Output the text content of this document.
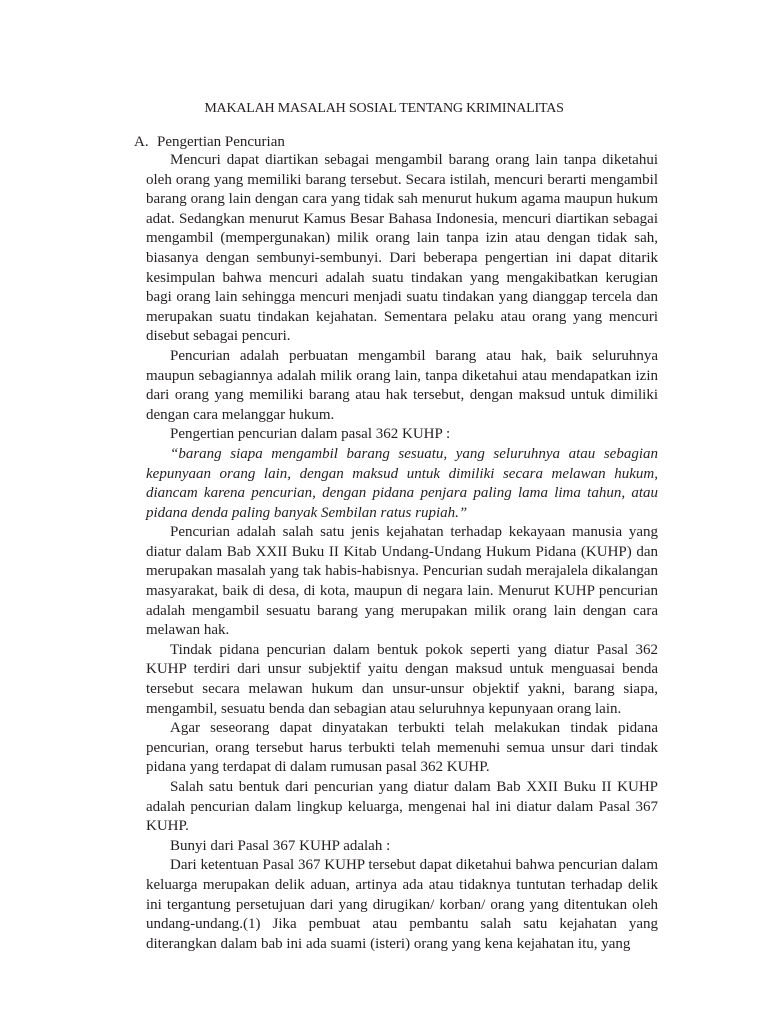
MAKALAH MASALAH SOSIAL TENTANG KRIMINALITAS
A. Pengertian Pencurian

Mencuri dapat diartikan sebagai mengambil barang orang lain tanpa diketahui oleh orang yang memiliki barang tersebut. Secara istilah, mencuri berarti mengambil barang orang lain dengan cara yang tidak sah menurut hukum agama maupun hukum adat. Sedangkan menurut Kamus Besar Bahasa Indonesia, mencuri diartikan sebagai mengambil (mempergunakan) milik orang lain tanpa izin atau dengan tidak sah, biasanya dengan sembunyi-sembunyi. Dari beberapa pengertian ini dapat ditarik kesimpulan bahwa mencuri adalah suatu tindakan yang mengakibatkan kerugian bagi orang lain sehingga mencuri menjadi suatu tindakan yang dianggap tercela dan merupakan suatu tindakan kejahatan. Sementara pelaku atau orang yang mencuri disebut sebagai pencuri.

Pencurian adalah perbuatan mengambil barang atau hak, baik seluruhnya maupun sebagiannya adalah milik orang lain, tanpa diketahui atau mendapatkan izin dari orang yang memiliki barang atau hak tersebut, dengan maksud untuk dimiliki dengan cara melanggar hukum.

Pengertian pencurian dalam pasal 362 KUHP :

“barang siapa mengambil barang sesuatu, yang seluruhnya atau sebagian kepunyaan orang lain, dengan maksud untuk dimiliki secara melawan hukum, diancam karena pencurian, dengan pidana penjara paling lama lima tahun, atau pidana denda paling banyak Sembilan ratus rupiah.”

Pencurian adalah salah satu jenis kejahatan terhadap kekayaan manusia yang diatur dalam Bab XXII Buku II Kitab Undang-Undang Hukum Pidana (KUHP) dan merupakan masalah yang tak habis-habisnya. Pencurian sudah merajalela dikalangan masyarakat, baik di desa, di kota, maupun di negara lain. Menurut KUHP pencurian adalah mengambil sesuatu barang yang merupakan milik orang lain dengan cara melawan hak.

Tindak pidana pencurian dalam bentuk pokok seperti yang diatur Pasal 362 KUHP terdiri dari unsur subjektif yaitu dengan maksud untuk menguasai benda tersebut secara melawan hukum dan unsur-unsur objektif yakni, barang siapa, mengambil, sesuatu benda dan sebagian atau seluruhnya kepunyaan orang lain.

Agar seseorang dapat dinyatakan terbukti telah melakukan tindak pidana pencurian, orang tersebut harus terbukti telah memenuhi semua unsur dari tindak pidana yang terdapat di dalam rumusan pasal 362 KUHP.

Salah satu bentuk dari pencurian yang diatur dalam Bab XXII Buku II KUHP adalah pencurian dalam lingkup keluarga, mengenai hal ini diatur dalam Pasal 367 KUHP.

Bunyi dari Pasal 367 KUHP adalah :

Dari ketentuan Pasal 367 KUHP tersebut dapat diketahui bahwa pencurian dalam keluarga merupakan delik aduan, artinya ada atau tidaknya tuntutan terhadap delik ini tergantung persetujuan dari yang dirugikan/ korban/ orang yang ditentukan oleh undang-undang.(1) Jika pembuat atau pembantu salah satu kejahatan yang diterangkan dalam bab ini ada suami (isteri) orang yang kena kejahatan itu, yang
